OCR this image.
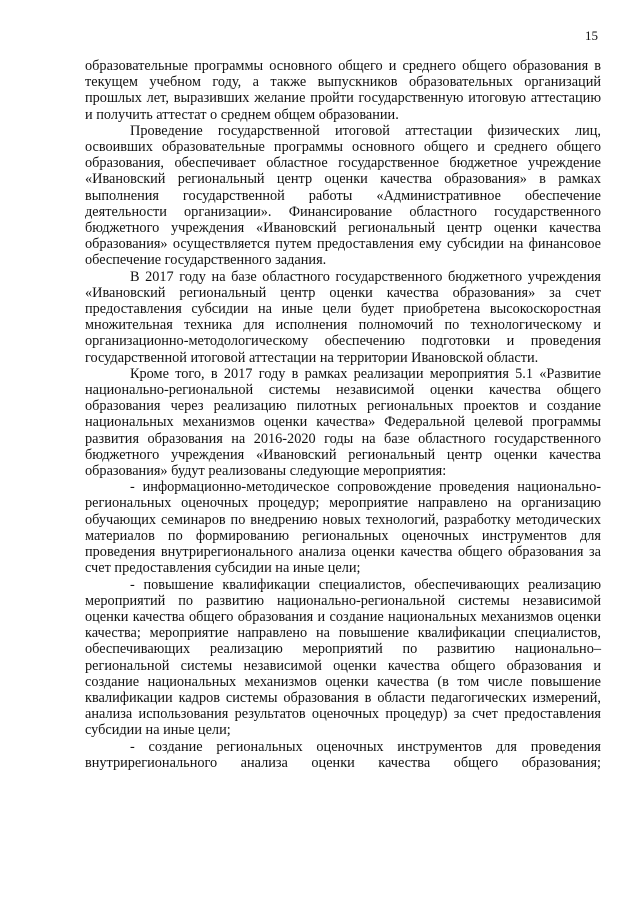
15

образовательные программы основного общего и среднего общего образования в текущем учебном году, а также выпускников образовательных организаций прошлых лет, выразивших желание пройти государственную итоговую аттестацию и получить аттестат о среднем общем образовании.

Проведение государственной итоговой аттестации физических лиц, освоивших образовательные программы основного общего и среднего общего образования, обеспечивает областное государственное бюджетное учреждение «Ивановский региональный центр оценки качества образования» в рамках выполнения государственной работы «Административное обеспечение деятельности организации». Финансирование областного государственного бюджетного учреждения «Ивановский региональный центр оценки качества образования» осуществляется путем предоставления ему субсидии на финансовое обеспечение государственного задания.

В 2017 году на базе областного государственного бюджетного учреждения «Ивановский региональный центр оценки качества образования» за счет предоставления субсидии на иные цели будет приобретена высокоскоростная множительная техника для исполнения полномочий по технологическому и организационно-методологическому обеспечению подготовки и проведения государственной итоговой аттестации на территории Ивановской области.

Кроме того, в 2017 году в рамках реализации мероприятия 5.1 «Развитие национально-региональной системы независимой оценки качества общего образования через реализацию пилотных региональных проектов и создание национальных механизмов оценки качества» Федеральной целевой программы развития образования на 2016-2020 годы на базе областного государственного бюджетного учреждения «Ивановский региональный центр оценки качества образования» будут реализованы следующие мероприятия:

- информационно-методическое сопровождение проведения национально-региональных оценочных процедур; мероприятие направлено на организацию обучающих семинаров по внедрению новых технологий, разработку методических материалов по формированию региональных оценочных инструментов для проведения внутрирегионального анализа оценки качества общего образования за счет предоставления субсидии на иные цели;

- повышение квалификации специалистов, обеспечивающих реализацию мероприятий по развитию национально-региональной системы независимой оценки качества общего образования и создание национальных механизмов оценки качества; мероприятие направлено на повышение квалификации специалистов, обеспечивающих реализацию мероприятий по развитию национально–региональной системы независимой оценки качества общего образования и создание национальных механизмов оценки качества (в том числе повышение квалификации кадров системы образования в области педагогических измерений, анализа использования результатов оценочных процедур) за счет предоставления субсидии на иные цели;

- создание региональных оценочных инструментов для проведения внутрирегионального анализа оценки качества общего образования;
